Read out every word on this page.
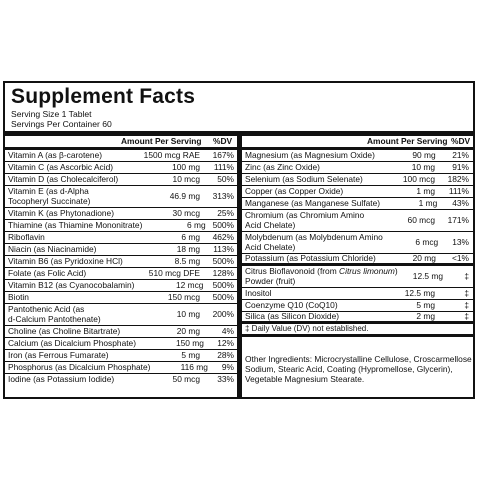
Supplement Facts
Serving Size 1 Tablet
Servings Per Container 60
Amount Per Serving %DV	Amount Per Serving %DV
Vitamin A (as β-carotene)	1500 mcg RAE	167%
Vitamin C (as Ascorbic Acid)	100 mg	111%
Vitamin D (as Cholecalciferol)	10 mcg	50%
Vitamin E (as d-Alpha
Tocopheryl Succinate)	46.9 mg	313%
Vitamin K (as Phytonadione)	30 mcg	25%
Thiamine (as Thiamine Mononitrate)	6 mg 500%
Riboflavin	6 mg	462%
Niacin (as Niacinamide)	18 mg	113%
Vitamin B6 (as Pyridoxine HCl)	8.5 mg	500%
Folate (as Folic Acid)	510 mcg DFE	128%
Vitamin B12 (as Cyanocobalamin)	12 mcg	500%
Biotin	150 mcg	500%
Pantothenic Acid (as
d-Calcium Pantothenate)	10 mg	200%
Choline (as Choline Bitartrate)	20 mg	4%
Calcium (as Dicalcium Phosphate)	150 mg	12%
Iron (as Ferrous Fumarate)	5 mg	28%
Phosphorus (as Dicalcium Phosphate)	116 mg	9%
Iodine (as Potassium Iodide)	50 mcg	33%
Magnesium (as Magnesium Oxide)	90 mg	21%
Zinc (as Zinc Oxide)	10 mg	91%
Selenium (as Sodium Selenate)	100 mcg	182%
Copper (as Copper Oxide)	1 mg	111%
Manganese (as Manganese Sulfate)	1 mg	43%
Chromium (as Chromium Amino
Acid Chelate)	60 mcg	171%
Molybdenum (as Molybdenum Amino
Acid Chelate)	6 mcg	13%
Potassium (as Potassium Chloride)	20 mg	<1%
Citrus Bioflavonoid (from Citrus limonum)
Powder (fruit)	12.5 mg	‡
Inositol	12.5 mg	‡
Coenzyme Q10 (CoQ10)	5 mg	‡
Silica (as Silicon Dioxide)	2 mg	‡
‡ Daily Value (DV) not established.
Other Ingredients: Microcrystalline Cellulose, Croscarmellose Sodium, Stearic Acid, Coating (Hypromellose, Glycerin), Vegetable Magnesium Stearate.
